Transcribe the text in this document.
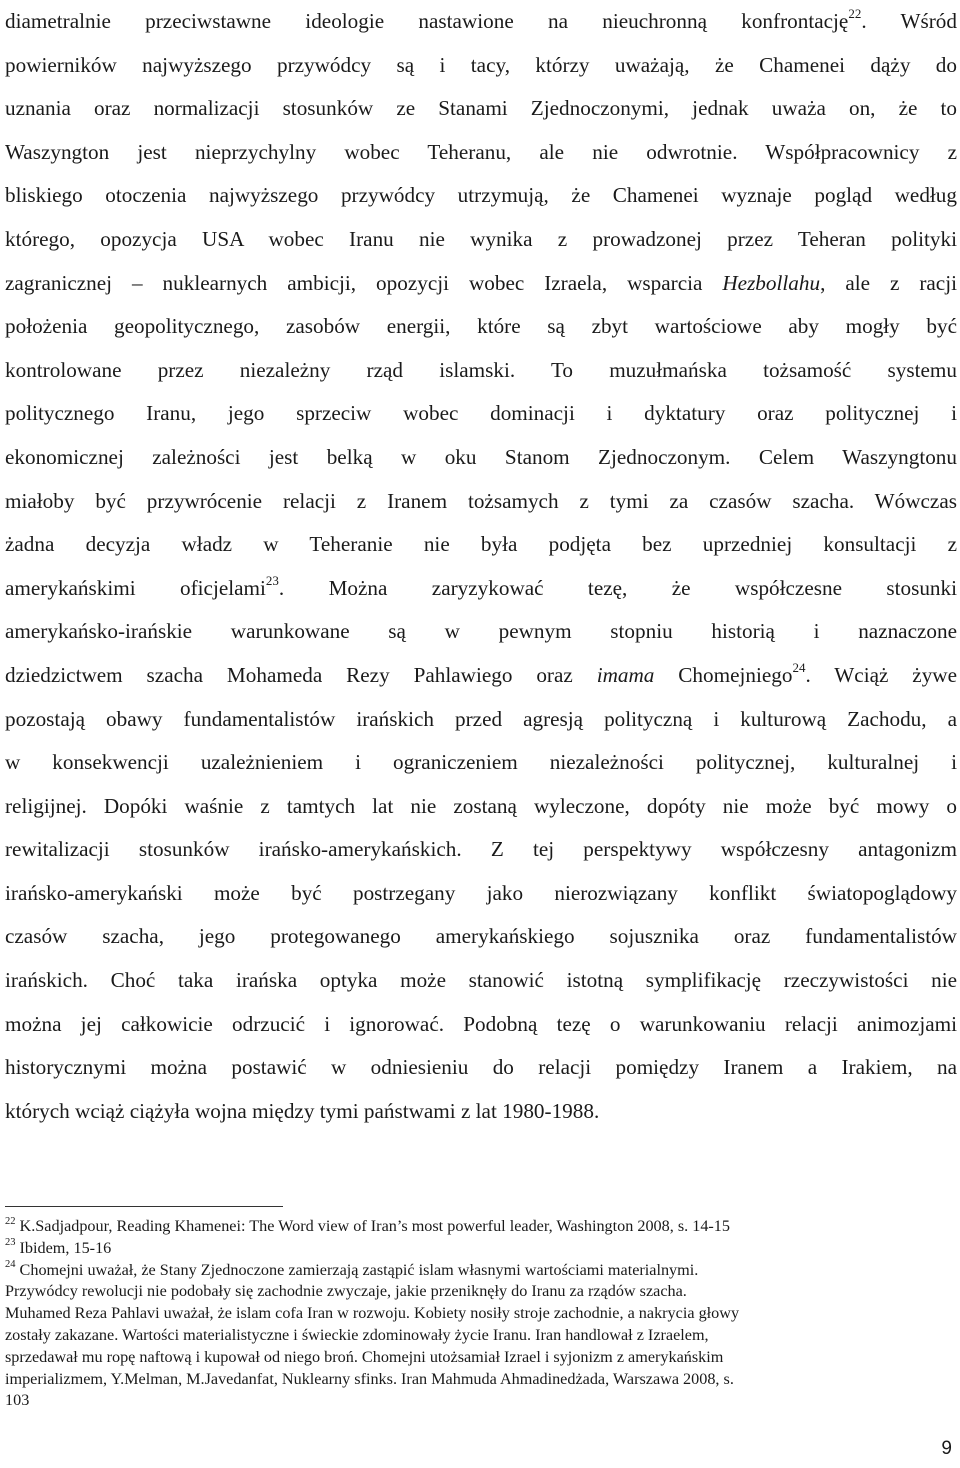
diametralnie przeciwstawne ideologie nastawione na nieuchronną konfrontację$^{22}$. Wśród
powierników najwyższego przywódcy są i tacy, którzy uważają, że Chamenei dąży do
uznania oraz normalizacji stosunków ze Stanami Zjednoczonymi, jednak uważa on, że to
Waszyngton jest nieprzychylny wobec Teheranu, ale nie odwrotnie. Współpracownicy z
bliskiego otoczenia najwyższego przywódcy utrzymują, że Chamenei wyznaje pogląd według
którego, opozycja USA wobec Iranu nie wynika z prowadzonej przez Teheran polityki
zagranicznej – nuklearnych ambicji, opozycji wobec Izraela, wsparcia Hezbollahu, ale z racji
położenia geopolitycznego, zasobów energii, które są zbyt wartościowe aby mogły być
kontrolowane przez niezależny rząd islamski. To muzułmańska tożsamość systemu
politycznego Iranu, jego sprzeciw wobec dominacji i dyktatury oraz politycznej i
ekonomicznej zależności jest belką w oku Stanom Zjednoczonym. Celem Waszyngtonu
miałoby być przywrócenie relacji z Iranem tożsamych z tymi za czasów szacha. Wówczas
żadna decyzja władz w Teheranie nie była podjęta bez uprzedniej konsultacji z
amerykańskimi oficjelami$^{23}$. Można zaryzykować tezę, że współczesne stosunki
amerykańsko-irańskie warunkowane są w pewnym stopniu historią i naznaczone
dziedzictwem szacha Mohameda Rezy Pahlawiego oraz imama Chomejniego$^{24}$. Wciąż żywe
pozostają obawy fundamentalistów irańskich przed agresją polityczną i kulturową Zachodu, a
w konsekwencji uzależnieniem i ograniczeniem niezależności politycznej, kulturalnej i
religijnej. Dopóki waśnie z tamtych lat nie zostaną wyleczone, dopóty nie może być mowy o
rewitalizacji stosunków irańsko-amerykańskich. Z tej perspektywy współczesny antagonizm
irańsko-amerykański może być postrzegany jako nierozwiązany konflikt światopoglądowy
czasów szacha, jego protegowanego amerykańskiego sojusznika oraz fundamentalistów
irańskich. Choć taka irańska optyka może stanowić istotną symplifikację rzeczywistości nie
można jej całkowicie odrzucić i ignorować. Podobną tezę o warunkowaniu relacji animozjami
historycznymi można postawić w odniesieniu do relacji pomiędzy Iranem a Irakiem, na
których wciąż ciążyła wojna między tymi państwami z lat 1980-1988.
$^{22}$ K.Sadjadpour, Reading Khamenei: The Word view of Iran’s most powerful leader, Washington 2008, s. 14-15
$^{23}$ Ibidem, 15-16
$^{24}$ Chomejni uważał, że Stany Zjednoczone zamierzają zastąpić islam własnymi wartościami materialnymi.
Przywódcy rewolucji nie podobały się zachodnie zwyczaje, jakie przeniknęły do Iranu za rządów szacha.
Muhamed Reza Pahlavi uważał, że islam cofa Iran w rozwoju. Kobiety nosiły stroje zachodnie, a nakrycia głowy
zostały zakazane. Wartości materialistyczne i świeckie zdominowały życie Iranu. Iran handlował z Izraelem,
sprzedawał mu ropę naftową i kupował od niego broń. Chomejni utożsamiał Izrael i syjonizm z amerykańskim
imperializmem, Y.Melman, M.Javedanfat, Nuklearny sfinks. Iran Mahmuda Ahmadinedżada, Warszawa 2008, s.
103
9
